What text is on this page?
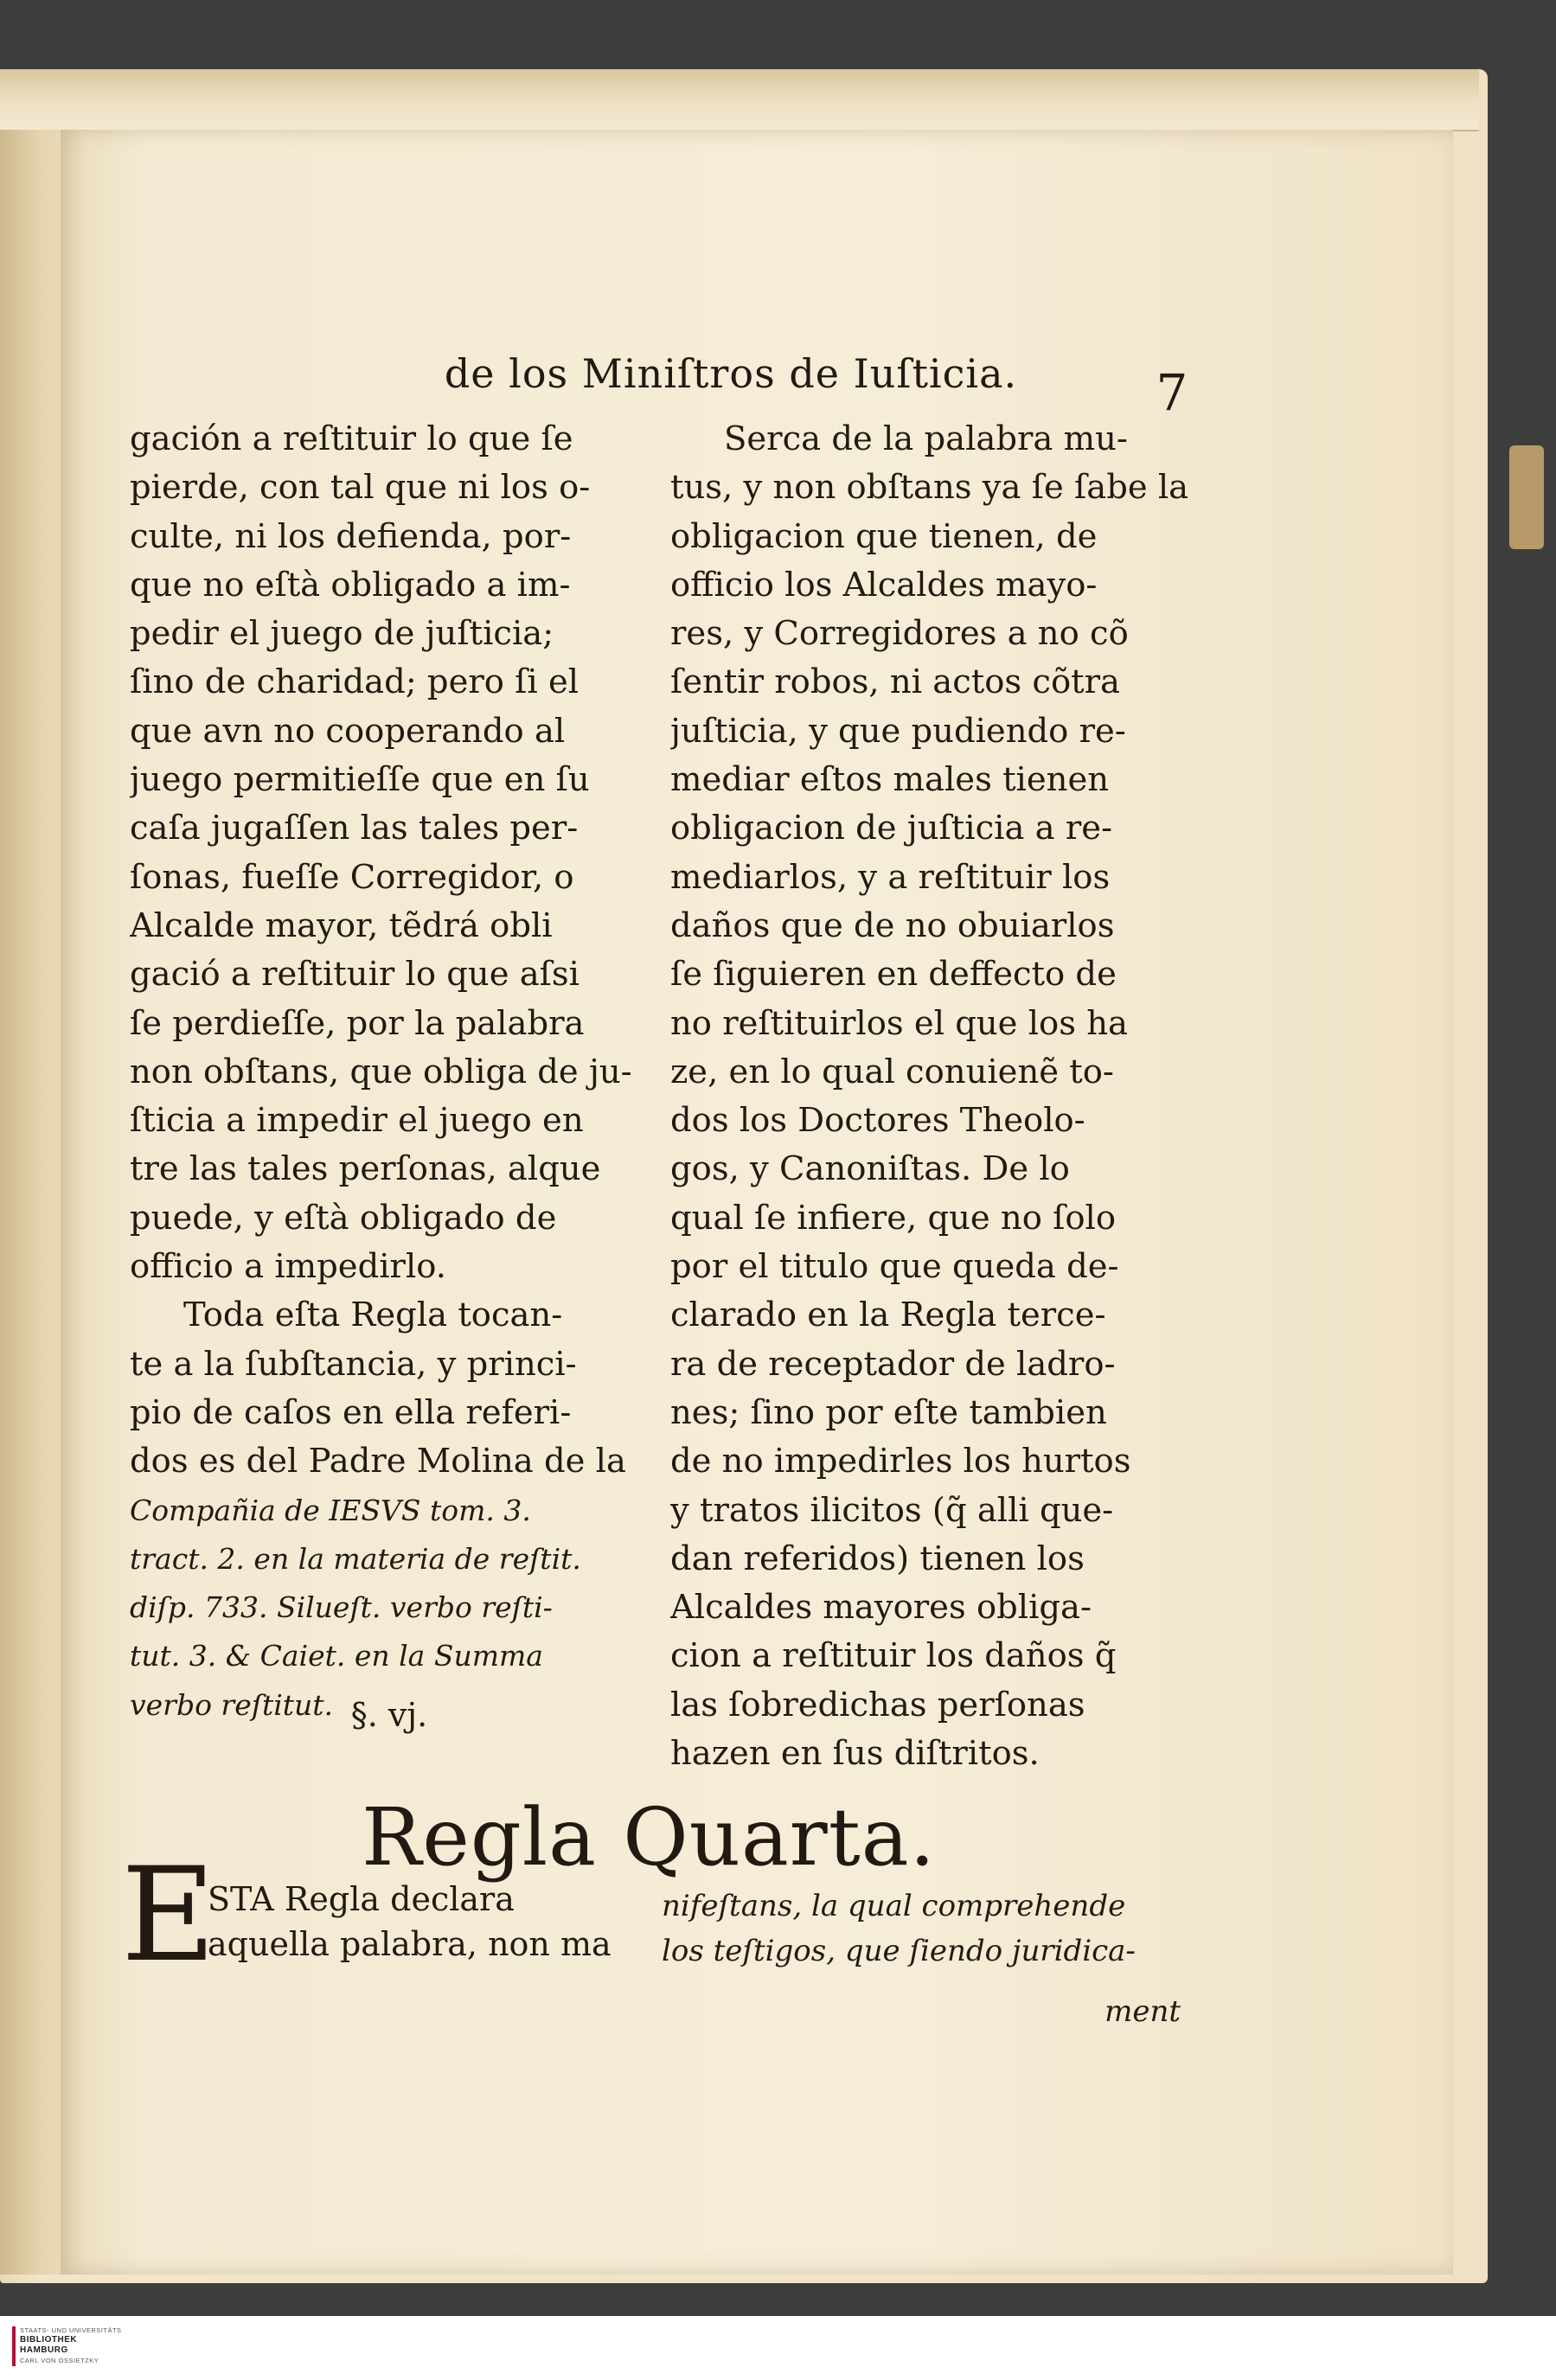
de los Miniſtros de Iuſticia.	7
gación a reſtituir lo que ſe
pierde, con tal que ni los o-
culte, ni los defienda, por-
que no eſtà obligado a im-
pedir el juego de juſticia;
ſino de charidad; pero ſi el
que avn no cooperando al
juego permitieſſe que en ſu
caſa jugaſſen las tales per-
ſonas, fueſſe Corregidor, o
Alcalde mayor, tẽdrá obli
gació a reſtituir lo que aſsi
ſe perdieſſe, por la palabra
non obſtans, que obliga de ju-
ſticia a impedir el juego en
tre las tales perſonas, alque
puede, y eſtà obligado de
officio a impedirlo.
Toda eſta Regla tocan-
te a la ſubſtancia, y princi-
pio de caſos en ella referi-
dos es del Padre Molina de la
Compañia de IESVS tom. 3.
tract. 2. en la materia de reſtit.
diſp. 733. Silueſt. verbo reſti-
tut. 3. & Caiet. en la Summa
verbo reſtitut. §. vj.
Serca de la palabra mu-
tus, y non obſtans ya ſe ſabe la
obligacion que tienen, de
officio los Alcaldes mayo-
res, y Corregidores a no cõ
ſentir robos, ni actos cõtra
juſticia, y que pudiendo re-
mediar eſtos males tienen
obligacion de juſticia a re-
mediarlos, y a reſtituir los
daños que de no obuiarlos
ſe ſiguieren en deffecto de
no reſtituirlos el que los ha
ze, en lo qual conuienẽ to-
dos los Doctores Theolo-
gos, y Canoniſtas. De lo
qual ſe infiere, que no ſolo
por el titulo que queda de-
clarado en la Regla terce-
ra de receptador de ladro-
nes; ſino por eſte tambien
de no impedirles los hurtos
y tratos ilicitos (q̃ alli que-
dan referidos) tienen los
Alcaldes mayores obliga-
cion a reſtituir los daños q̃
las ſobredichas perſonas
hazen en ſus diſtritos.
Regla Quarta.
E
STA Regla declara
aquella palabra, non ma
nifeſtans, la qual comprehende
los teſtigos, que ſiendo juridica-
ment
STAATS- UND UNIVERSITÄTS
BIBLIOTHEK
HAMBURG
CARL VON OSSIETZKY
